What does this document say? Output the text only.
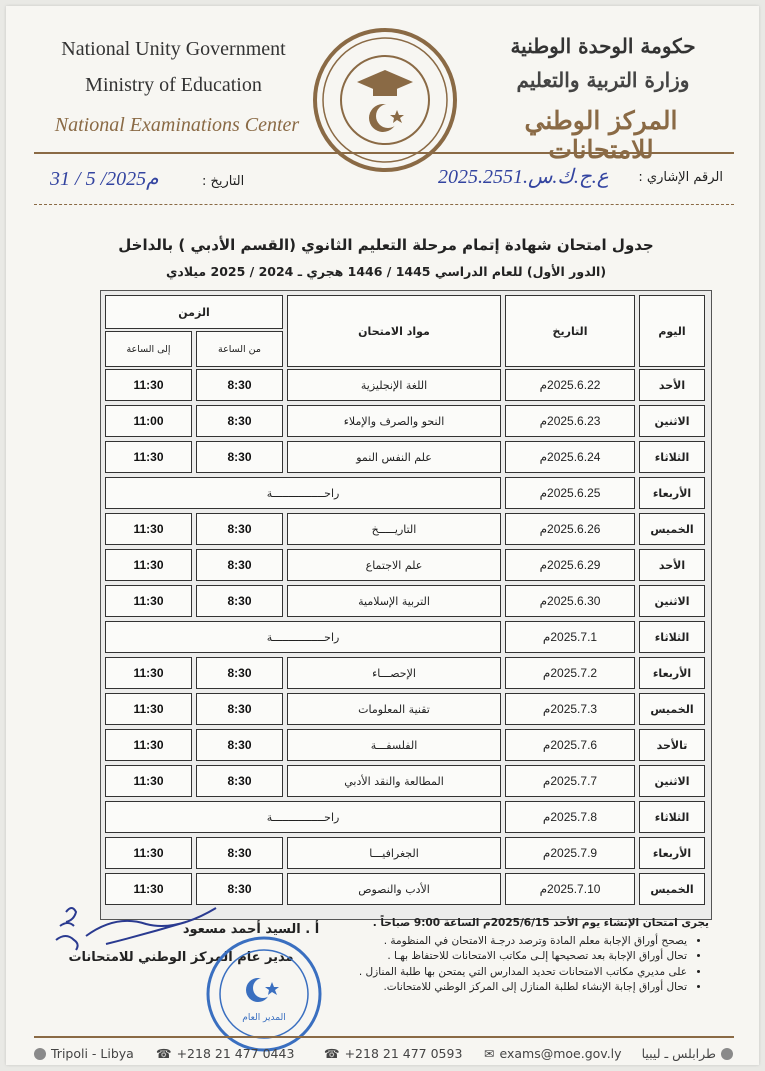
National Unity Government
Ministry of Education
National Examinations Center
حكومة الوحدة الوطنية
وزارة التربية والتعليم
المركز الوطني للامتحانات
الرقم الإشاري :
2025.2551.ﻉ.ﺝ.ﻙ.ﺱ
التاريخ :
م2025/ 5 / 31
جدول امتحان شهادة إتمام مرحلة التعليم الثانوي (القسم الأدبي ) بالداخل
(الدور الأول) للعام الدراسي 1445 / 1446 هجري ـ 2024 / 2025 ميلادي
اليوم
التاريخ
مواد الامتحان
الزمن
من الساعة
إلى الساعة
الأحد
2025.6.22م
اللغة الإنجليزية
8:30
11:30
الاثنين
2025.6.23م
النحو والصرف والإملاء
8:30
11:00
الثلاثاء
2025.6.24م
علم النفس النمو
8:30
11:30
الأربعاء
2025.6.25م
راحــــــــــــــــة
الخميس
2025.6.26م
التاريـــــخ
8:30
11:30
الأحد
2025.6.29م
علم الاجتماع
8:30
11:30
الاثنين
2025.6.30م
التربية الإسلامية
8:30
11:30
الثلاثاء
2025.7.1م
راحــــــــــــــــة
الأربعاء
2025.7.2م
الإحصـــاء
8:30
11:30
الخميس
2025.7.3م
تقنية المعلومات
8:30
11:30
تالأحد
2025.7.6م
الفلسفـــة
8:30
11:30
الاثنين
2025.7.7م
المطالعة والنقد الأدبي
8:30
11:30
الثلاثاء
2025.7.8م
راحــــــــــــــــة
الأربعاء
2025.7.9م
الجغرافيـــا
8:30
11:30
الخميس
2025.7.10م
الأدب والنصوص
8:30
11:30
يجرى امتحان الإنشاء يوم الأحد 2025/6/15م الساعة 9:00 صباحاً .
• يصحح أوراق الإجابة معلم المادة وترصد درجـة الامتحان في المنظومة .
• تحال أوراق الإجابة بعد تصحيحها إلـى مكاتب الامتحانات للاحتفاظ بهـا .
• على مديري مكاتب الامتحانات تحديد المدارس التي يمتحن بها طلبة المنازل .
• تحال أوراق إجابة الإنشاء لطلبة المنازل إلى المركز الوطني للامتحانات.
أ . السيد أحمد مسعود
مدير عام المركز الوطني للامتحانات
المدير العام
Tripoli - Libya ☎ +218 21 477 0443 ☎ +218 21 477 0593 ✉ exams@moe.gov.ly طرابلس ـ ليبيا
